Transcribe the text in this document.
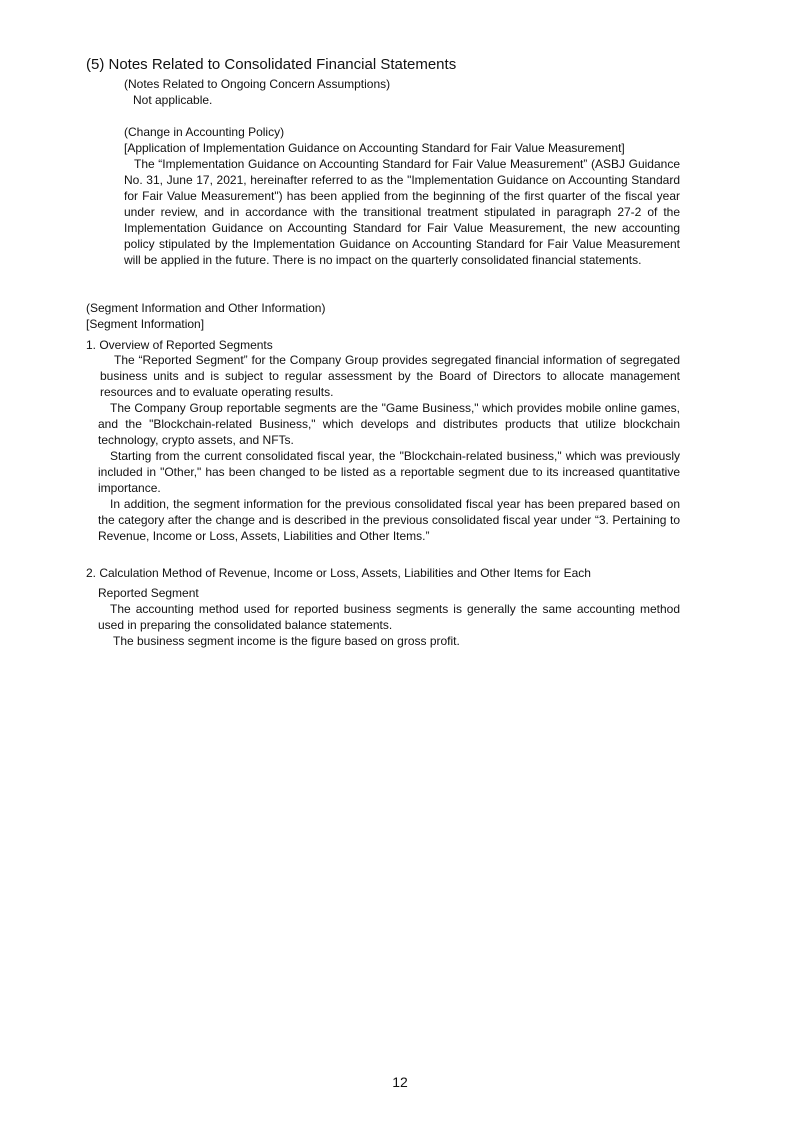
(5) Notes Related to Consolidated Financial Statements
(Notes Related to Ongoing Concern Assumptions)
Not applicable.
(Change in Accounting Policy)
[Application of Implementation Guidance on Accounting Standard for Fair Value Measurement]
The “Implementation Guidance on Accounting Standard for Fair Value Measurement” (ASBJ Guidance No. 31, June 17, 2021, hereinafter referred to as the "Implementation Guidance on Accounting Standard for Fair Value Measurement") has been applied from the beginning of the first quarter of the fiscal year under review, and in accordance with the transitional treatment stipulated in paragraph 27-2 of the Implementation Guidance on Accounting Standard for Fair Value Measurement, the new accounting policy stipulated by the Implementation Guidance on Accounting Standard for Fair Value Measurement will be applied in the future. There is no impact on the quarterly consolidated financial statements.
(Segment Information and Other Information)
[Segment Information]
1. Overview of Reported Segments

The “Reported Segment” for the Company Group provides segregated financial information of segregated business units and is subject to regular assessment by the Board of Directors to allocate management resources and to evaluate operating results.

The Company Group reportable segments are the "Game Business," which provides mobile online games, and the "Blockchain-related Business," which develops and distributes products that utilize blockchain technology, crypto assets, and NFTs.

Starting from the current consolidated fiscal year, the "Blockchain-related business," which was previously included in "Other," has been changed to be listed as a reportable segment due to its increased quantitative importance.

In addition, the segment information for the previous consolidated fiscal year has been prepared based on the category after the change and is described in the previous consolidated fiscal year under “3. Pertaining to Revenue, Income or Loss, Assets, Liabilities and Other Items.”

2. Calculation Method of Revenue, Income or Loss, Assets, Liabilities and Other Items for Each
Reported Segment

The accounting method used for reported business segments is generally the same accounting method used in preparing the consolidated balance statements.

The business segment income is the figure based on gross profit.

12
